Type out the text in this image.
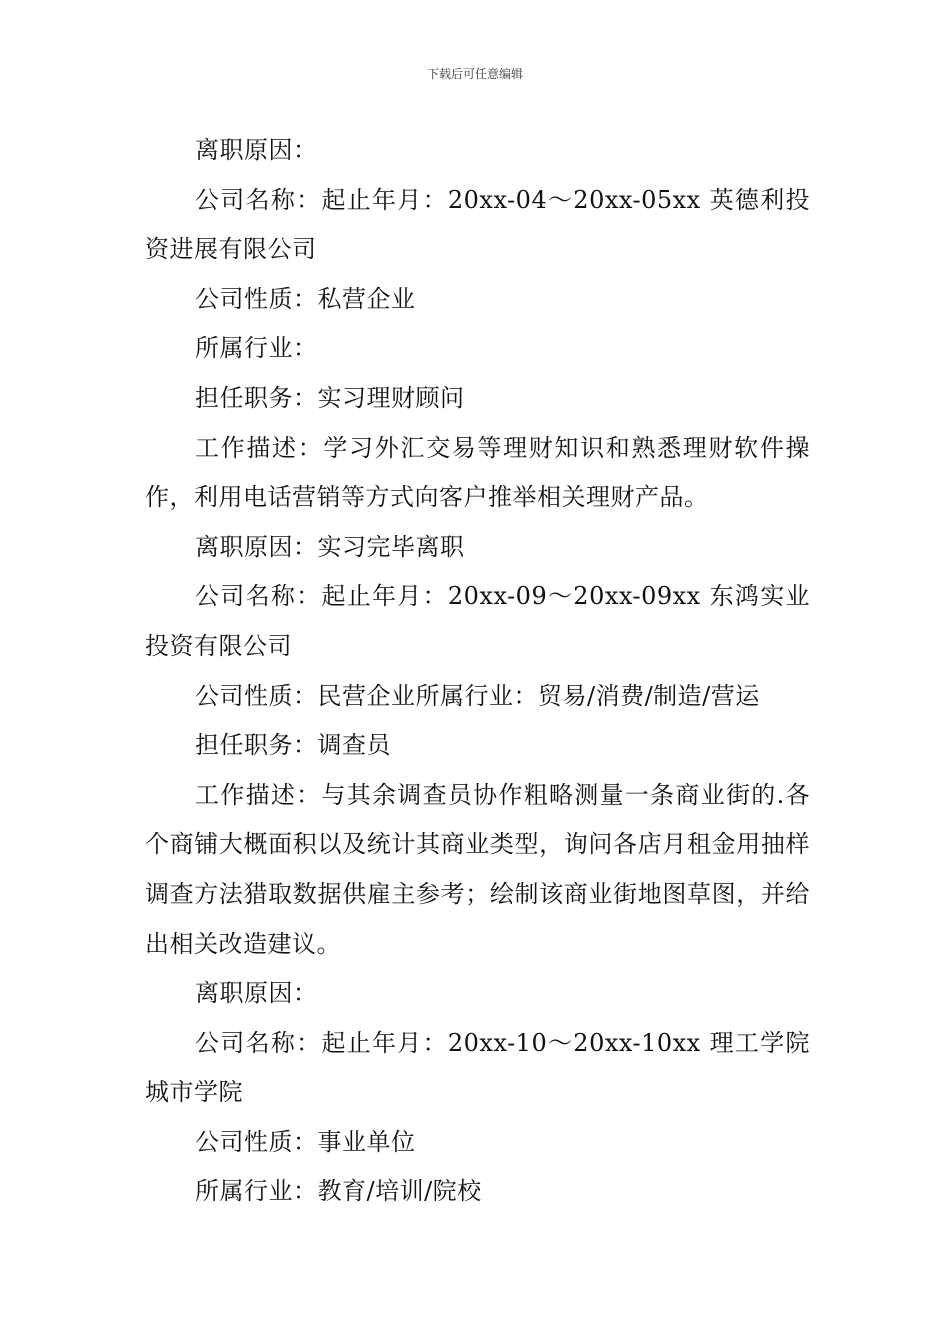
下载后可任意编辑

离职原因：

公司名称：起止年月：20xx-04～20xx-05xx 英德利投资进展有限公司

公司性质：私营企业

所属行业：

担任职务：实习理财顾问

工作描述：学习外汇交易等理财知识和熟悉理财软件操作，利用电话营销等方式向客户推举相关理财产品。

离职原因：实习完毕离职

公司名称：起止年月：20xx-09～20xx-09xx 东鸿实业投资有限公司

公司性质：民营企业所属行业：贸易/消费/制造/营运

担任职务：调查员

工作描述：与其余调查员协作粗略测量一条商业街的.各个商铺大概面积以及统计其商业类型，询问各店月租金用抽样调查方法猎取数据供雇主参考；绘制该商业街地图草图，并给出相关改造建议。

离职原因：

公司名称：起止年月：20xx-10～20xx-10xx 理工学院城市学院

公司性质：事业单位

所属行业：教育/培训/院校
